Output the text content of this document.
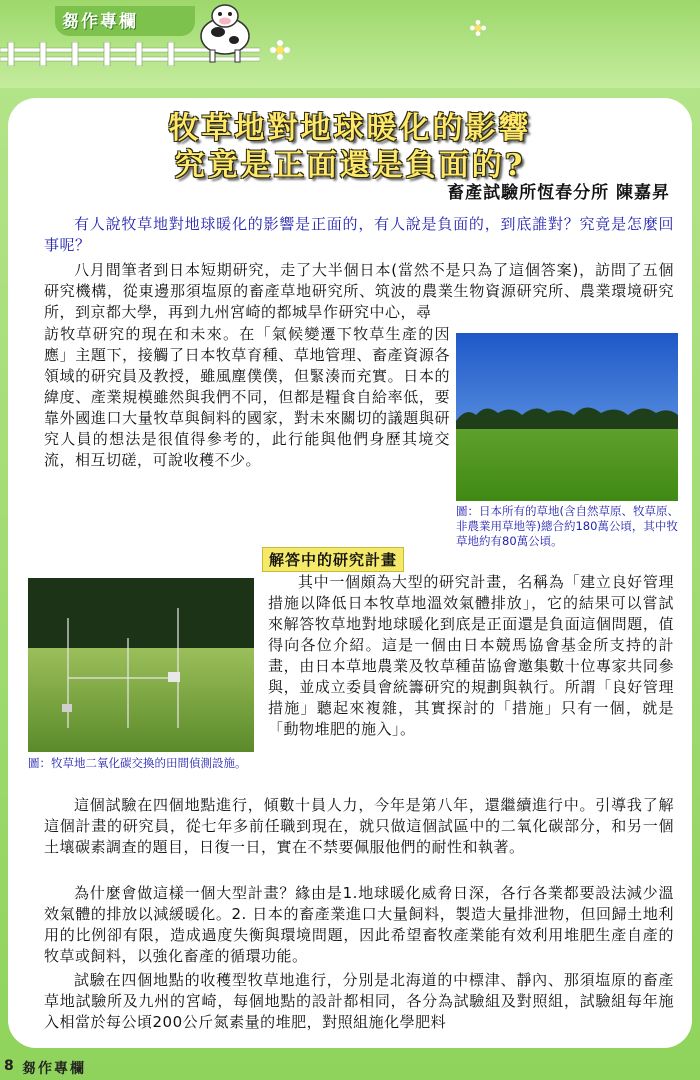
芻作專欄
牧草地對地球暖化的影響
究竟是正面還是負面的?
畜產試驗所恆春分所 陳嘉昇

有人說牧草地對地球暖化的影響是正面的，有人說是負面的，到底誰對？究竟是怎麼回事呢？

八月間筆者到日本短期研究，走了大半個日本(當然不是只為了這個答案)，訪問了五個研究機構，從東邊那須塩原的畜產草地研究所、筑波的農業生物資源研究所、農業環境研究所，到京都大學，再到九州宮崎的都城旱作研究中心，尋

訪牧草研究的現在和未來。在「氣候變遷下牧草生產的因應」主題下，接觸了日本牧草育種、草地管理、畜產資源各領域的研究員及教授，雖風塵僕僕，但緊湊而充實。日本的緯度、產業規模雖然與我們不同，但都是糧食自給率低，要靠外國進口大量牧草與飼料的國家，對未來關切的議題與研究人員的想法是很值得參考的，此行能與他們身歷其境交流，相互切磋，可說收穫不少。

圖：日本所有的草地(含自然草原、牧草原、非農業用草地等)總合約180萬公頃，其中牧草地約有80萬公頃。
解答中的研究計畫
圖：牧草地二氧化碳交換的田間偵測設施。

其中一個頗為大型的研究計畫，名稱為「建立良好管理措施以降低日本牧草地溫效氣體排放」，它的結果可以嘗試來解答牧草地對地球暖化到底是正面還是負面這個問題，值得向各位介紹。這是一個由日本競馬協會基金所支持的計畫，由日本草地農業及牧草種苗協會邀集數十位專家共同參與，並成立委員會統籌研究的規劃與執行。所謂「良好管理措施」聽起來複雜，其實探討的「措施」只有一個，就是「動物堆肥的施入」。

這個試驗在四個地點進行，傾數十員人力，今年是第八年，還繼續進行中。引導我了解這個計畫的研究員，從七年多前任職到現在，就只做這個試區中的二氧化碳部分，和另一個土壤碳素調查的題目，日復一日，實在不禁要佩服他們的耐性和執著。

為什麼會做這樣一個大型計畫？緣由是1.地球暖化威脅日深，各行各業都要設法減少溫效氣體的排放以減緩暖化。2. 日本的畜產業進口大量飼料，製造大量排泄物，但回歸土地利用的比例卻有限，造成過度失衡與環境問題，因此希望畜牧產業能有效利用堆肥生產自產的牧草或飼料，以強化畜產的循環功能。

試驗在四個地點的收穫型牧草地進行，分別是北海道的中標津、靜內、那須塩原的畜產草地試驗所及九州的宮崎，每個地點的設計都相同，各分為試驗組及對照組，試驗組每年施入相當於每公頃200公斤氮素量的堆肥，對照組施化學肥料

8 芻作專欄
